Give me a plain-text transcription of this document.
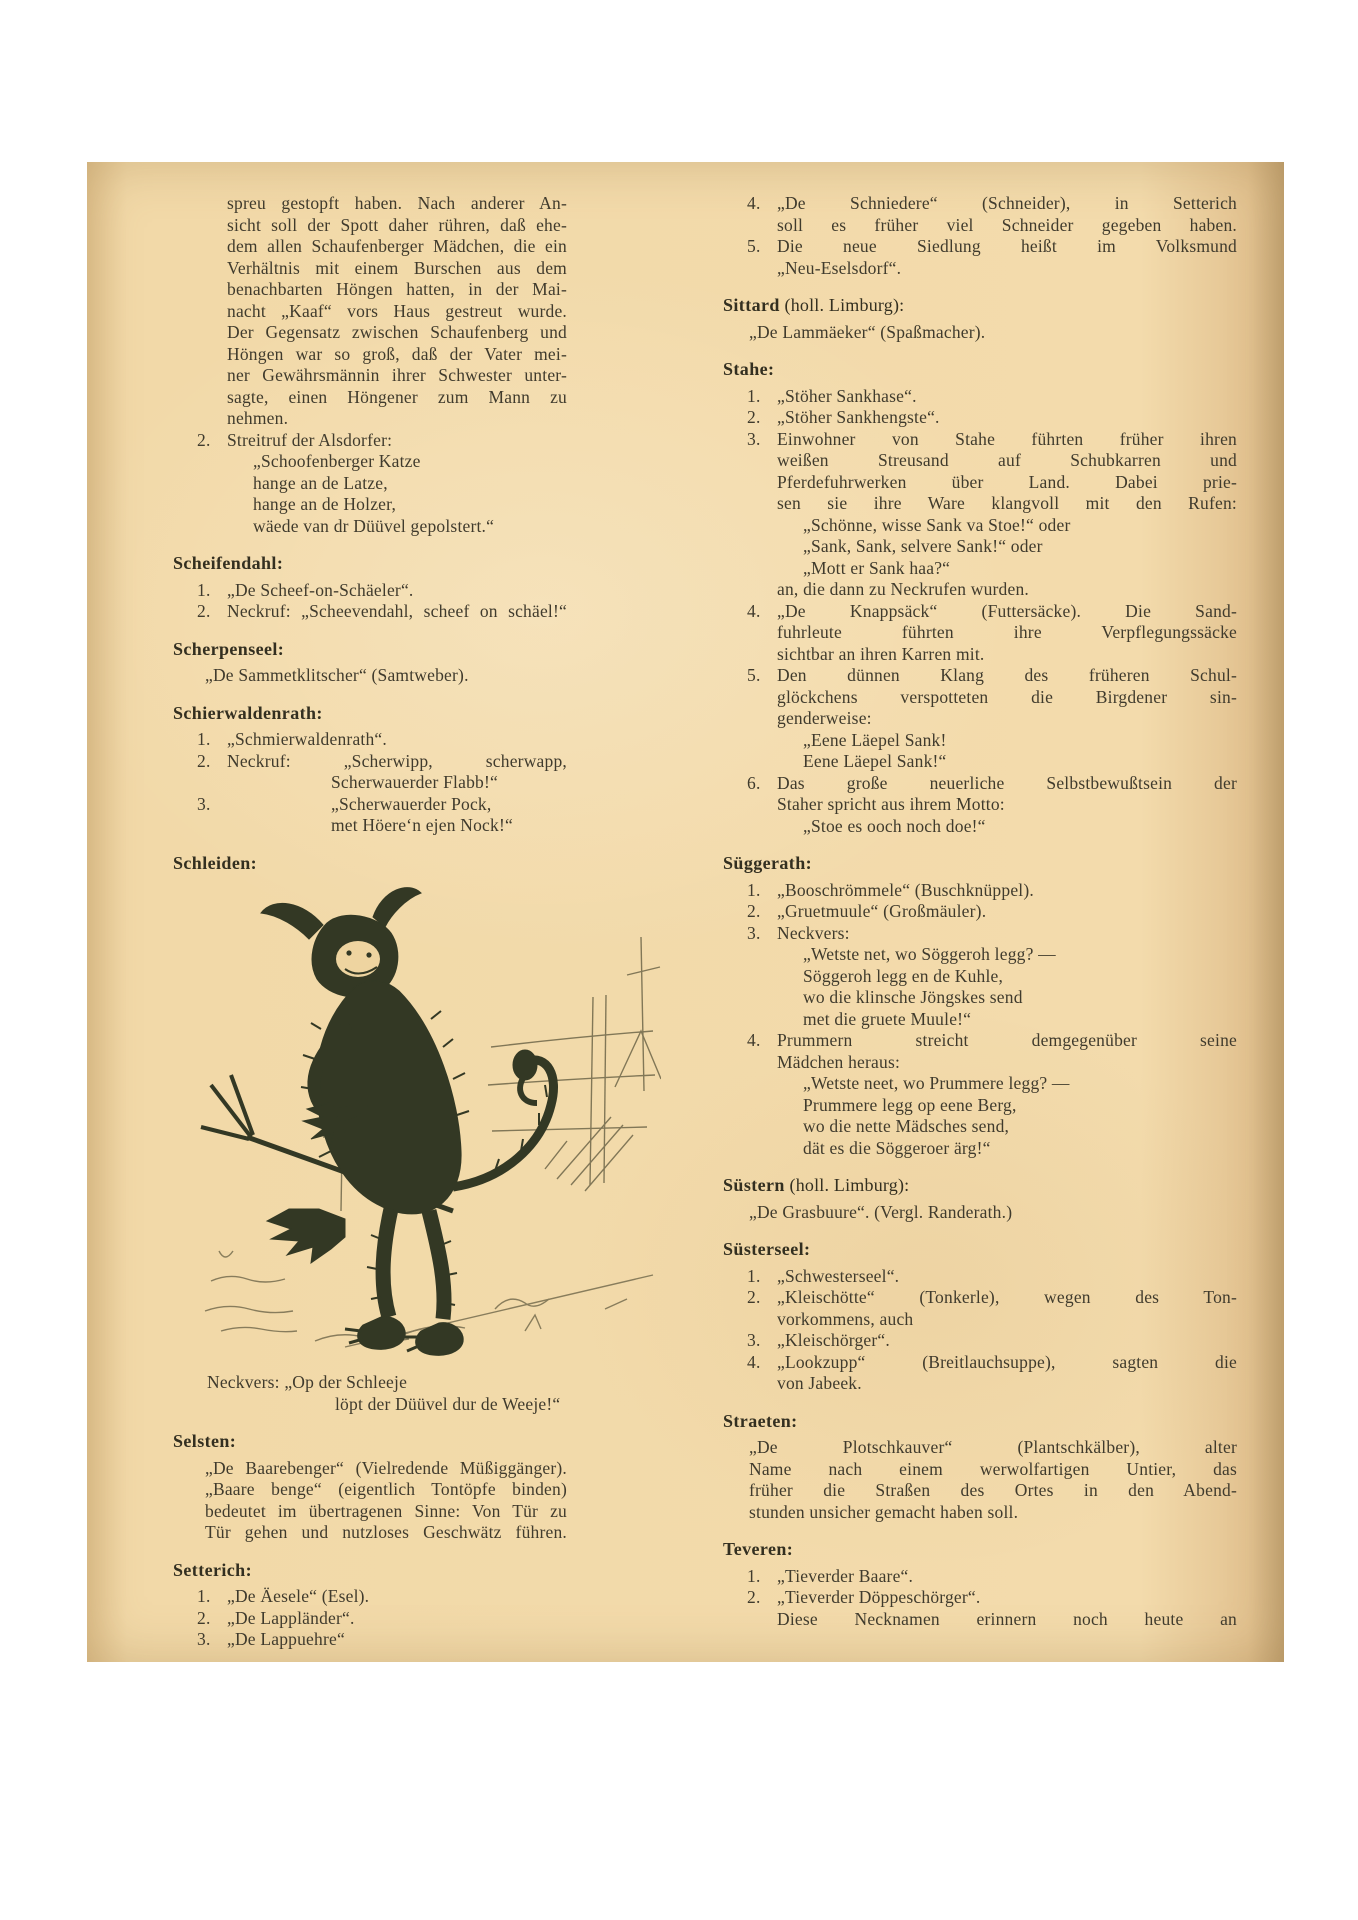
spreu gestopft haben. Nach anderer An-
sicht soll der Spott daher rühren, daß ehe-
dem allen Schaufenberger Mädchen, die ein
Verhältnis mit einem Burschen aus dem
benachbarten Höngen hatten, in der Mai-
nacht „Kaaf“ vors Haus gestreut wurde.
Der Gegensatz zwischen Schaufenberg und
Höngen war so groß, daß der Vater mei-
ner Gewährsmännin ihrer Schwester unter-
sagte, einen Höngener zum Mann zu
nehmen.
2. Streitruf der Alsdorfer:
„Schoofenberger Katze
hange an de Latze,
hange an de Holzer,
wäede van dr Düüvel gepolstert.“
Scheifendahl:
1. „De Scheef-on-Schäeler“.
2. Neckruf: „Scheevendahl, scheef on schäel!“
Scherpenseel:
„De Sammetklitscher“ (Samtweber).
Schierwaldenrath:
1. „Schmierwaldenrath“.
2. Neckruf: „Scherwipp, scherwapp,
Scherwauerder Flabb!“
3.	„Scherwauerder Pock,
met Höere‘n ejen Nock!“
Schleiden:
Neckvers: „Op der Schleeje
löpt der Düüvel dur de Weeje!“
Selsten:
„De Baarebenger“ (Vielredende Müßiggänger).
„Baare benge“ (eigentlich Tontöpfe binden)
bedeutet im übertragenen Sinne: Von Tür zu
Tür gehen und nutzloses Geschwätz führen.
Setterich:
1. „De Äesele“ (Esel).
2. „De Lappländer“.
3. „De Lappuehre“
4. „De Schniedere“ (Schneider), in Setterich
soll es früher viel Schneider gegeben haben.
5. Die neue Siedlung heißt im Volksmund
„Neu-Eselsdorf“.
Sittard (holl. Limburg):
„De Lammäeker“ (Spaßmacher).
Stahe:
1. „Stöher Sankhase“.
2. „Stöher Sankhengste“.
3. Einwohner von Stahe führten früher ihren
weißen Streusand auf Schubkarren und
Pferdefuhrwerken über Land. Dabei prie-
sen sie ihre Ware klangvoll mit den Rufen:
„Schönne, wisse Sank va Stoe!“ oder
„Sank, Sank, selvere Sank!“ oder
„Mott er Sank haa?“
an, die dann zu Neckrufen wurden.
4. „De Knappsäck“ (Futtersäcke). Die Sand-
fuhrleute führten ihre Verpflegungssäcke
sichtbar an ihren Karren mit.
5. Den dünnen Klang des früheren Schul-
glöckchens verspotteten die Birgdener sin-
genderweise:
„Eene Läepel Sank!
Eene Läepel Sank!“
6. Das große neuerliche Selbstbewußtsein der
Staher spricht aus ihrem Motto:
„Stoe es ooch noch doe!“
Süggerath:
1. „Booschrömmele“ (Buschknüppel).
2. „Gruetmuule“ (Großmäuler).
3. Neckvers:
„Wetste net, wo Söggeroh legg? —
Söggeroh legg en de Kuhle,
wo die klinsche Jöngskes send
met die gruete Muule!“
4. Prummern streicht demgegenüber seine
Mädchen heraus:
„Wetste neet, wo Prummere legg? —
Prummere legg op eene Berg,
wo die nette Mädsches send,
dät es die Söggeroer ärg!“
Süstern (holl. Limburg):
„De Grasbuure“. (Vergl. Randerath.)
Süsterseel:
1. „Schwesterseel“.
2. „Kleischötte“ (Tonkerle), wegen des Ton-
vorkommens, auch
3. „Kleischörger“.
4. „Lookzupp“ (Breitlauchsuppe), sagten die
von Jabeek.
Straeten:
„De Plotschkauver“ (Plantschkälber), alter
Name nach einem werwolfartigen Untier, das
früher die Straßen des Ortes in den Abend-
stunden unsicher gemacht haben soll.
Teveren:
1. „Tieverder Baare“.
2. „Tieverder Döppeschörger“.
Diese Necknamen erinnern noch heute an
